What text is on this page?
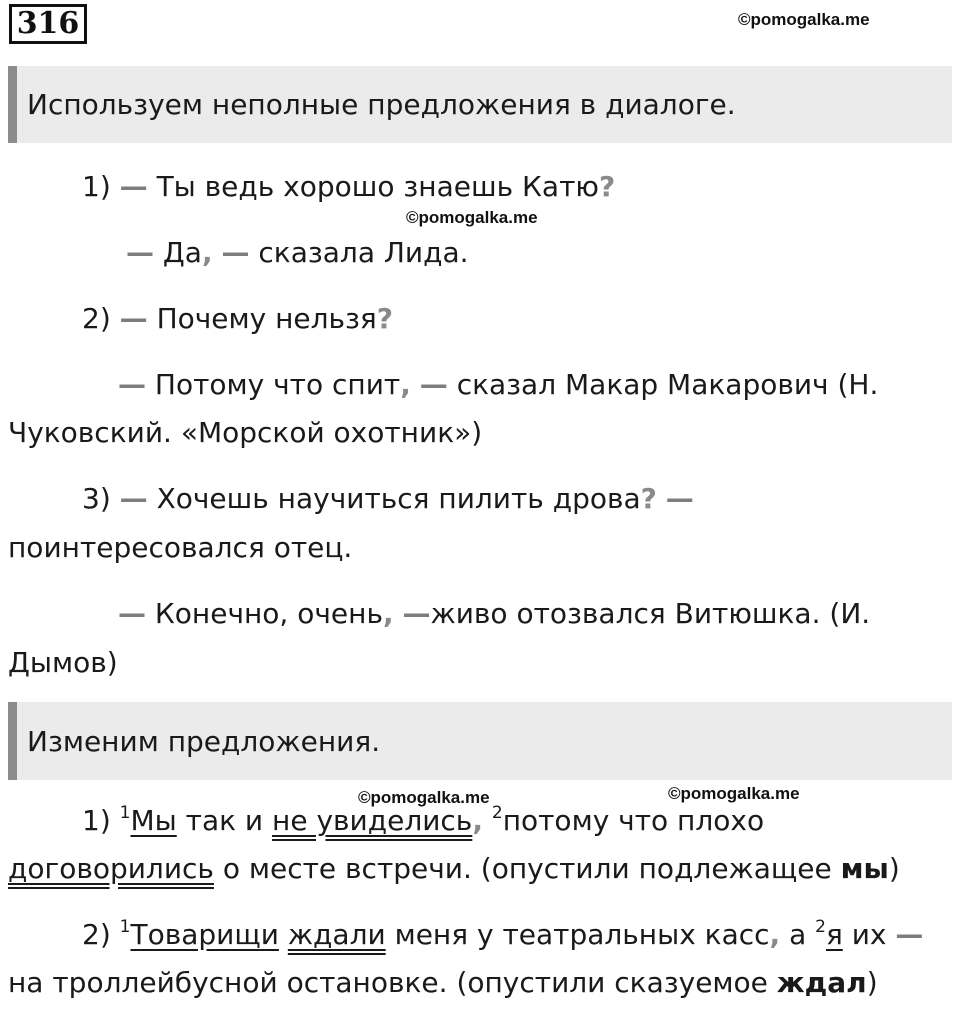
316	©pomogalka.me
Используем неполные предложения в диалоге.
1) — Ты ведь хорошо знаешь Катю?
©pomogalka.me
— Да, — сказала Лида.
2) — Почему нельзя?
— Потому что спит, — сказал Макар Макарович (Н.
Чуковский. «Морской охотник»)
3) — Хочешь научиться пилить дрова? —
поинтересовался отец.
— Конечно, очень, —живо отозвался Витюшка. (И.
Дымов)
Изменим предложения.
©pomogalka.me	©pomogalka.me
1) $^1$Мы так и не увиделись, $^2$потому что плохо
договорились о месте встречи. (опустили подлежащее мы)
2) $^1$Товарищи ждали меня у театральных касс, а $^2$я их —
на троллейбусной остановке. (опустили сказуемое ждал)
